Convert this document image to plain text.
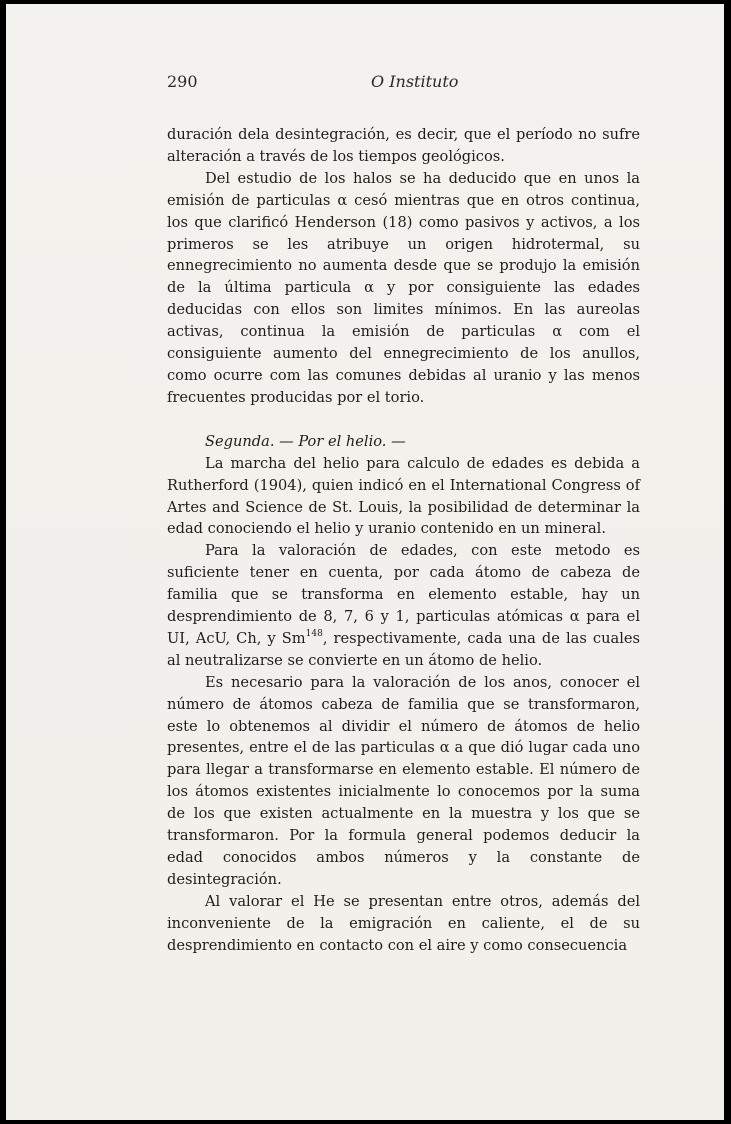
290	O Instituto

duración dela desintegración, es decir, que el período no sufre alteración a través de los tiempos geológicos.

Del estudio de los halos se ha deducido que en unos la emisión de particulas α cesó mientras que en otros continua, los que clarificó Henderson (18) como pasivos y activos, a los primeros se les atribuye un origen hidrotermal, su ennegrecimiento no aumenta desde que se produjo la emisión de la última particula α y por consiguiente las edades deducidas con ellos son limites mínimos. En las aureolas activas, continua la emisión de particulas α com el consiguiente aumento del ennegrecimiento de los anullos, como ocurre com las comunes debidas al uranio y las menos frecuentes producidas por el torio.

Segunda. — Por el helio. —

La marcha del helio para calculo de edades es debida a Rutherford (1904), quien indicó en el International Congress of Artes and Science de St. Louis, la posibilidad de determinar la edad conociendo el helio y uranio contenido en un mineral.

Para la valoración de edades, con este metodo es suficiente tener en cuenta, por cada átomo de cabeza de familia que se transforma en elemento estable, hay un desprendimiento de 8, 7, 6 y 1, particulas atómicas α para el UI, AcU, Ch, y Sm$^{148}$, respectivamente, cada una de las cuales al neutralizarse se convierte en un átomo de helio.

Es necesario para la valoración de los anos, conocer el número de átomos cabeza de familia que se transformaron, este lo obtenemos al dividir el número de átomos de helio presentes, entre el de las particulas α a que dió lugar cada uno para llegar a transformarse en elemento estable. El número de los átomos existentes inicialmente lo conocemos por la suma de los que existen actualmente en la muestra y los que se transformaron. Por la formula general podemos deducir la edad conocidos ambos números y la constante de desintegración.

Al valorar el He se presentan entre otros, además del inconveniente de la emigración en caliente, el de su desprendimiento en contacto con el aire y como consecuencia
